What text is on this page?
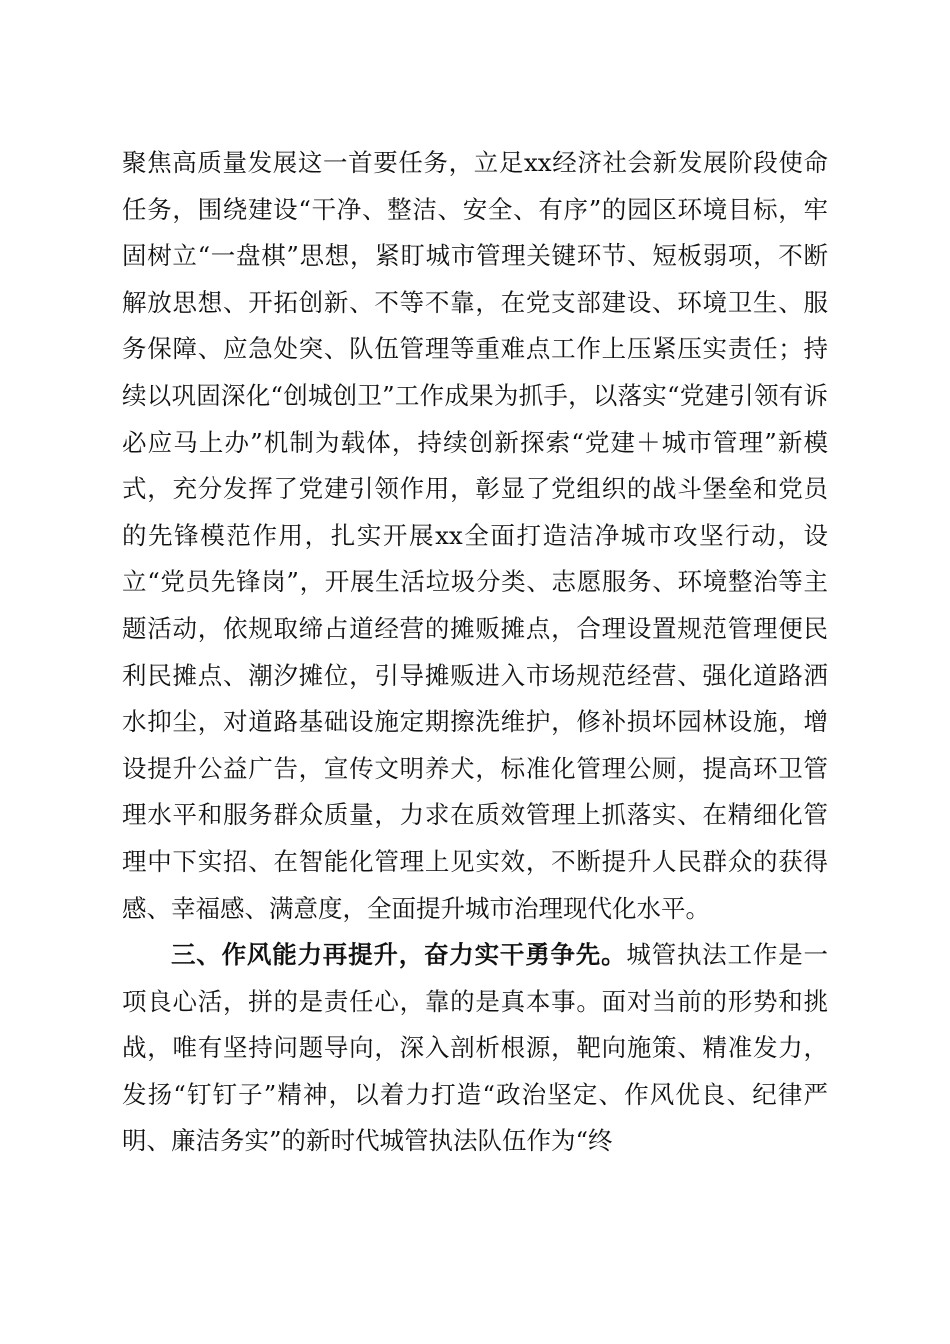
聚焦高质量发展这一首要任务，立足xx经济社会新发展阶段使命任务，围绕建设“干净、整洁、安全、有序”的园区环境目标，牢固树立“一盘棋”思想，紧盯城市管理关键环节、短板弱项，不断解放思想、开拓创新、不等不靠，在党支部建设、环境卫生、服务保障、应急处突、队伍管理等重难点工作上压紧压实责任；持续以巩固深化“创城创卫”工作成果为抓手，以落实“党建引领有诉必应马上办”机制为载体，持续创新探索“党建＋城市管理”新模式，充分发挥了党建引领作用，彰显了党组织的战斗堡垒和党员的先锋模范作用，扎实开展xx全面打造洁净城市攻坚行动，设立“党员先锋岗”，开展生活垃圾分类、志愿服务、环境整治等主题活动，依规取缔占道经营的摊贩摊点，合理设置规范管理便民利民摊点、潮汐摊位，引导摊贩进入市场规范经营、强化道路洒水抑尘，对道路基础设施定期擦洗维护，修补损坏园林设施，增设提升公益广告，宣传文明养犬，标准化管理公厕，提高环卫管理水平和服务群众质量，力求在质效管理上抓落实、在精细化管理中下实招、在智能化管理上见实效，不断提升人民群众的获得感、幸福感、满意度，全面提升城市治理现代化水平。

三、作风能力再提升，奋力实干勇争先。城管执法工作是一项良心活，拼的是责任心，靠的是真本事。面对当前的形势和挑战，唯有坚持问题导向，深入剖析根源，靶向施策、精准发力，发扬“钉钉子”精神，以着力打造“政治坚定、作风优良、纪律严明、廉洁务实”的新时代城管执法队伍作为“终
